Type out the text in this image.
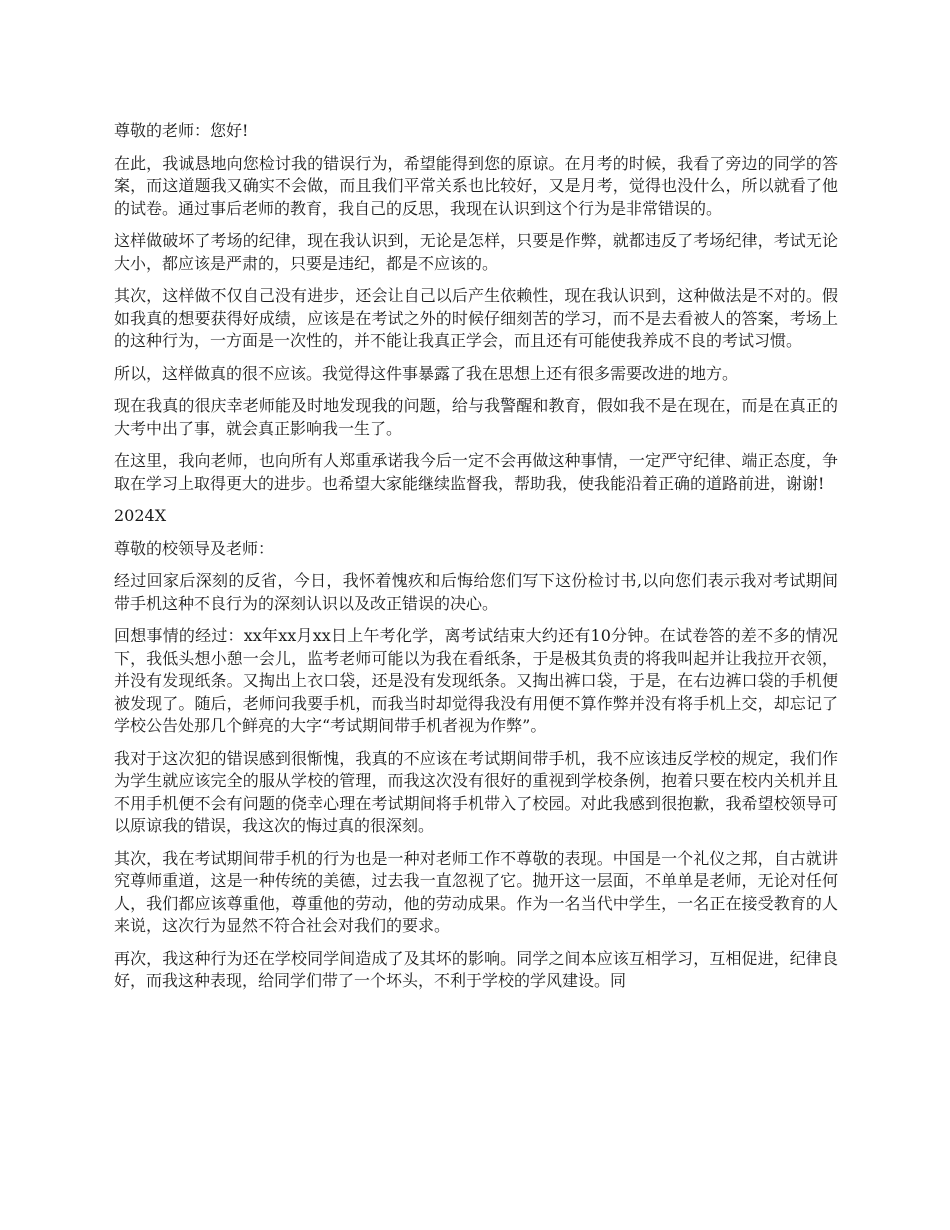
尊敬的老师：您好!

在此，我诚恳地向您检讨我的错误行为，希望能得到您的原谅。在月考的时候，我看了旁边的同学的答案，而这道题我又确实不会做，而且我们平常关系也比较好，又是月考，觉得也没什么，所以就看了他的试卷。通过事后老师的教育，我自己的反思，我现在认识到这个行为是非常错误的。

这样做破坏了考场的纪律，现在我认识到，无论是怎样，只要是作弊，就都违反了考场纪律，考试无论大小，都应该是严肃的，只要是违纪，都是不应该的。

其次，这样做不仅自己没有进步，还会让自己以后产生依赖性，现在我认识到，这种做法是不对的。假如我真的想要获得好成绩，应该是在考试之外的时候仔细刻苦的学习，而不是去看被人的答案，考场上的这种行为，一方面是一次性的，并不能让我真正学会，而且还有可能使我养成不良的考试习惯。

所以，这样做真的很不应该。我觉得这件事暴露了我在思想上还有很多需要改进的地方。

现在我真的很庆幸老师能及时地发现我的问题，给与我警醒和教育，假如我不是在现在，而是在真正的大考中出了事，就会真正影响我一生了。

在这里，我向老师，也向所有人郑重承诺我今后一定不会再做这种事情，一定严守纪律、端正态度，争取在学习上取得更大的进步。也希望大家能继续监督我，帮助我，使我能沿着正确的道路前进，谢谢!

2024X

尊敬的校领导及老师：

经过回家后深刻的反省，今日，我怀着愧疚和后悔给您们写下这份检讨书,以向您们表示我对考试期间带手机这种不良行为的深刻认识以及改正错误的决心。

回想事情的经过：xx年xx月xx日上午考化学，离考试结束大约还有10分钟。在试卷答的差不多的情况下，我低头想小憩一会儿，监考老师可能以为我在看纸条，于是极其负责的将我叫起并让我拉开衣领，并没有发现纸条。又掏出上衣口袋，还是没有发现纸条。又掏出裤口袋，于是，在右边裤口袋的手机便被发现了。随后，老师问我要手机，而我当时却觉得我没有用便不算作弊并没有将手机上交，却忘记了学校公告处那几个鲜亮的大字“考试期间带手机者视为作弊”。

我对于这次犯的错误感到很惭愧，我真的不应该在考试期间带手机，我不应该违反学校的规定，我们作为学生就应该完全的服从学校的管理，而我这次没有很好的重视到学校条例，抱着只要在校内关机并且不用手机便不会有问题的侥幸心理在考试期间将手机带入了校园。对此我感到很抱歉，我希望校领导可以原谅我的错误，我这次的悔过真的很深刻。

其次，我在考试期间带手机的行为也是一种对老师工作不尊敬的表现。中国是一个礼仪之邦，自古就讲究尊师重道，这是一种传统的美德，过去我一直忽视了它。抛开这一层面，不单单是老师，无论对任何人，我们都应该尊重他，尊重他的劳动，他的劳动成果。作为一名当代中学生，一名正在接受教育的人来说，这次行为显然不符合社会对我们的要求。

再次，我这种行为还在学校同学间造成了及其坏的影响。同学之间本应该互相学习，互相促进，纪律良好，而我这种表现，给同学们带了一个坏头，不利于学校的学风建设。同
